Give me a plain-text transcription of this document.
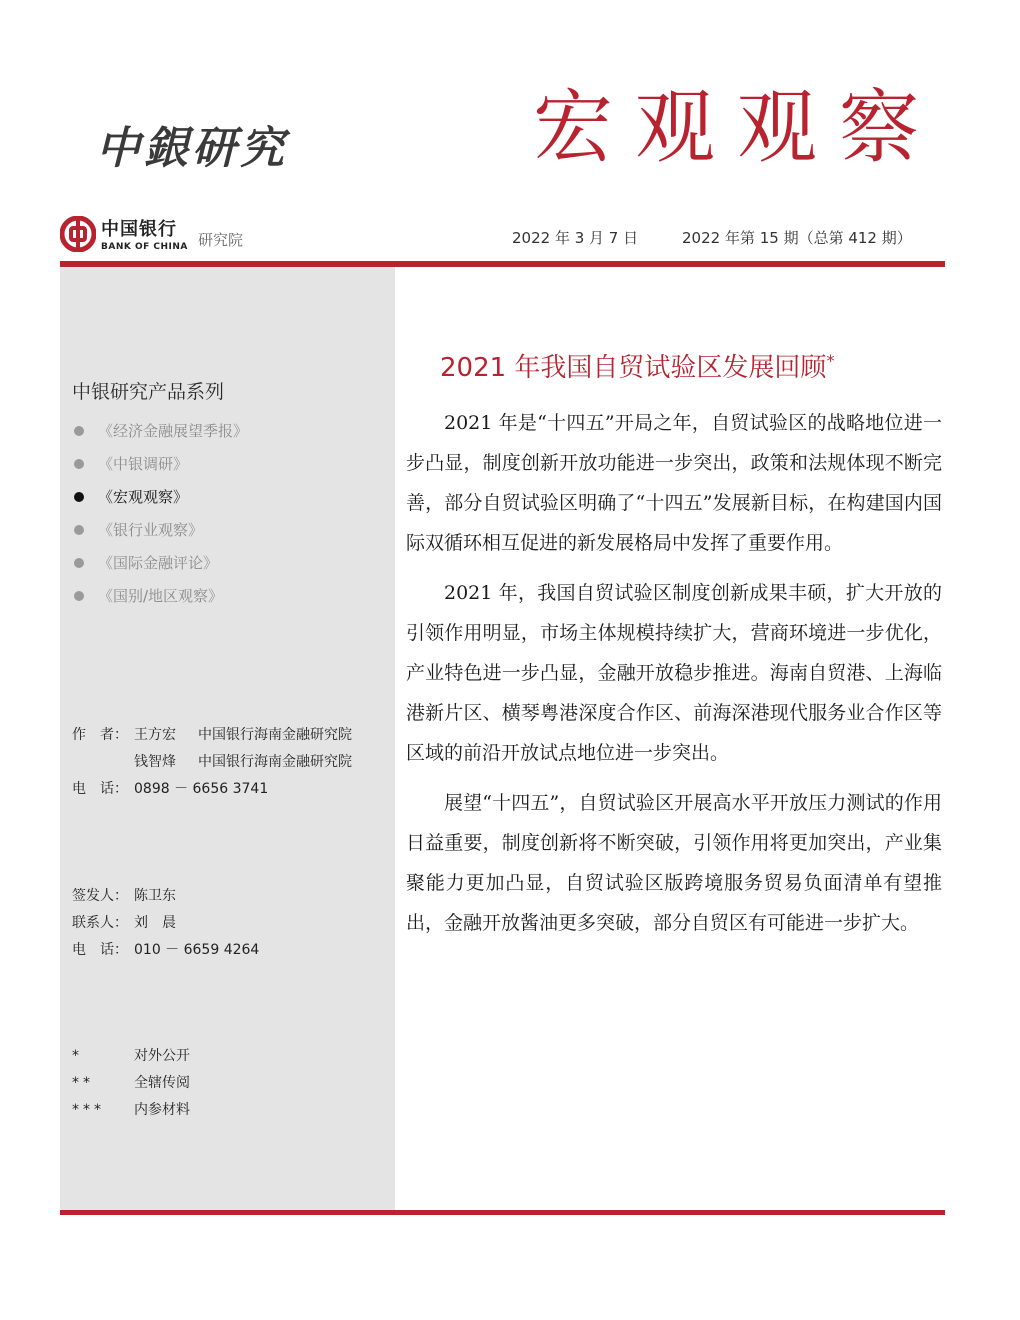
中銀研究	宏观观察
中国银行
BANK OF CHINA 研究院	2022 年 3 月 7 日	2022 年第 15 期（总第 412 期）
中银研究产品系列
《经济金融展望季报》
《中银调研》
《宏观观察》
《银行业观察》
《国际金融评论》
《国别/地区观察》
作　者： 王方宏 中国银行海南金融研究院
钱智烽 中国银行海南金融研究院
电　话： 0898 － 6656 3741
签发人： 陈卫东
联系人： 刘　晨
电　话： 010 － 6659 4264
*	对外公开
**	全辖传阅
*** 内参材料
2021 年我国自贸试验区发展回顾*

2021 年是“十四五”开局之年，自贸试验区的战略地位进一步凸显，制度创新开放功能进一步突出，政策和法规体现不断完善，部分自贸试验区明确了“十四五”发展新目标，在构建国内国际双循环相互促进的新发展格局中发挥了重要作用。

2021 年，我国自贸试验区制度创新成果丰硕，扩大开放的引领作用明显，市场主体规模持续扩大，营商环境进一步优化，产业特色进一步凸显，金融开放稳步推进。海南自贸港、上海临港新片区、横琴粤港深度合作区、前海深港现代服务业合作区等区域的前沿开放试点地位进一步突出。

展望“十四五”，自贸试验区开展高水平开放压力测试的作用日益重要，制度创新将不断突破，引领作用将更加突出，产业集聚能力更加凸显，自贸试验区版跨境服务贸易负面清单有望推出，金融开放酱油更多突破，部分自贸区有可能进一步扩大。
